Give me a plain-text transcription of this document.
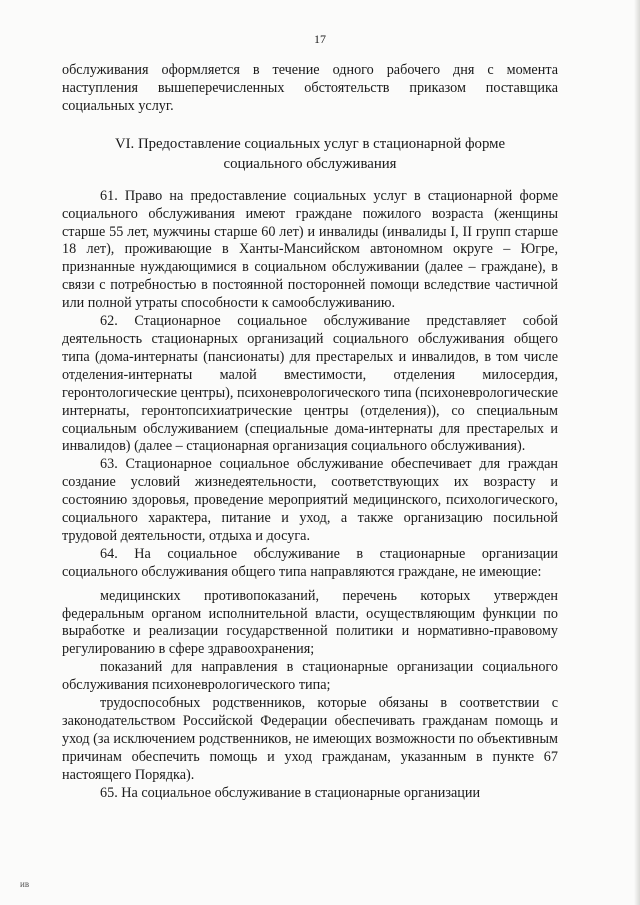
17

обслуживания оформляется в течение одного рабочего дня с момента наступления вышеперечисленных обстоятельств приказом поставщика социальных услуг.

VI. Предоставление социальных услуг в стационарной форме
социального обслуживания

61. Право на предоставление социальных услуг в стационарной форме социального обслуживания имеют граждане пожилого возраста (женщины старше 55 лет, мужчины старше 60 лет) и инвалиды (инвалиды I, II групп старше 18 лет), проживающие в Ханты-Мансийском автономном округе – Югре, признанные нуждающимися в социальном обслуживании (далее – граждане), в связи с потребностью в постоянной посторонней помощи вследствие частичной или полной утраты способности к самообслуживанию.

62. Стационарное социальное обслуживание представляет собой деятельность стационарных организаций социального обслуживания общего типа (дома-интернаты (пансионаты) для престарелых и инвалидов, в том числе отделения-интернаты малой вместимости, отделения милосердия, геронтологические центры), психоневрологического типа (психоневрологические интернаты, геронтопсихиатрические центры (отделения)), со специальным социальным обслуживанием (специальные дома-интернаты для престарелых и инвалидов) (далее – стационарная организация социального обслуживания).

63. Стационарное социальное обслуживание обеспечивает для граждан создание условий жизнедеятельности, соответствующих их возрасту и состоянию здоровья, проведение мероприятий медицинского, психологического, социального характера, питание и уход, а также организацию посильной трудовой деятельности, отдыха и досуга.

64. На социальное обслуживание в стационарные организации социального обслуживания общего типа направляются граждане, не имеющие:

медицинских противопоказаний, перечень которых утвержден федеральным органом исполнительной власти, осуществляющим функции по выработке и реализации государственной политики и нормативно-правовому регулированию в сфере здравоохранения;

показаний для направления в стационарные организации социального обслуживания психоневрологического типа;

трудоспособных родственников, которые обязаны в соответствии с законодательством Российской Федерации обеспечивать гражданам помощь и уход (за исключением родственников, не имеющих возможности по объективным причинам обеспечить помощь и уход гражданам, указанным в пункте 67 настоящего Порядка).

65. На социальное обслуживание в стационарные организации

ив
